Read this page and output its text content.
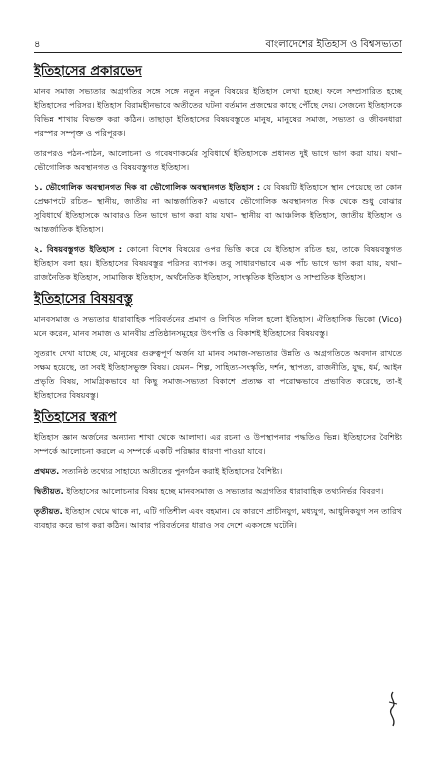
৪	বাংলাদেশের ইতিহাস ও বিশ্বসভ্যতা
ইতিহাসের প্রকারভেদ

মানব সমাজ সভ্যতার অগ্রগতির সঙ্গে সঙ্গে নতুন নতুন বিষয়ের ইতিহাস লেখা হচ্ছে। ফলে সম্প্রসারিত হচ্ছে ইতিহাসের পরিসর। ইতিহাস বিরামহীনভাবে অতীতের ঘটনা বর্তমান প্রজন্মের কাছে পৌঁছে দেয়। সেজন্যে ইতিহাসকে বিভিন্ন শাখায় বিভক্ত করা কঠিন। তাছাড়া ইতিহাসের বিষয়বস্তুতে মানুষ, মানুষের সমাজ, সভ্যতা ও জীবনধারা পরস্পর সম্পৃক্ত ও পরিপূরক।

তারপরও পঠন-পাঠন, আলোচনা ও গবেষণাকর্মের সুবিধার্থে ইতিহাসকে প্রধানত দুই ভাগে ভাগ করা যায়। যথা– ভৌগোলিক অবস্থানগত ও বিষয়বস্তুগত ইতিহাস।

১. ভৌগোলিক অবস্থানগত দিক বা ভৌগোলিক অবস্থানগত ইতিহাস : যে বিষয়টি ইতিহাসে স্থান পেয়েছে তা কোন প্রেক্ষাপটে রচিত– স্থানীয়, জাতীয় না আন্তর্জাতিক? এভাবে ভৌগোলিক অবস্থানগত দিক থেকে শুধু বোঝার সুবিধার্থে ইতিহাসকে আবারও তিন ভাগে ভাগ করা যায় যথা– স্থানীয় বা আঞ্চলিক ইতিহাস, জাতীয় ইতিহাস ও আন্তর্জাতিক ইতিহাস।

২. বিষয়বস্তুগত ইতিহাস : কোনো বিশেষ বিষয়ের ওপর ভিত্তি করে যে ইতিহাস রচিত হয়, তাকে বিষয়বস্তুগত ইতিহাস বলা হয়। ইতিহাসের বিষয়বস্তুর পরিসর ব্যাপক। তবু সাধারণভাবে এক পাঁচ ভাগে ভাগ করা যায়, যথা– রাজনৈতিক ইতিহাস, সামাজিক ইতিহাস, অর্থনৈতিক ইতিহাস, সাংস্কৃতিক ইতিহাস ও সাম্প্রতিক ইতিহাস।

ইতিহাসের বিষয়বস্তু

মানবসমাজ ও সভ্যতার ধারাবাহিক পরিবর্তনের প্রমাণ ও লিখিত দলিল হলো ইতিহাস। ঐতিহাসিক ভিকো (Vico) মনে করেন, মানব সমাজ ও মানবীয় প্রতিষ্ঠানসমূহের উৎপত্তি ও বিকাশই ইতিহাসের বিষয়বস্তু।

সুতরাং দেখা যাচ্ছে যে, মানুষের গুরুত্বপূর্ণ অর্জন যা মানব সমাজ-সভ্যতার উন্নতি ও অগ্রগতিতে অবদান রাখতে সক্ষম হয়েছে, তা সবই ইতিহাসভুক্ত বিষয়। যেমন– শিল্প, সাহিত্য-সংস্কৃতি, দর্শন, স্থাপত্য, রাজনীতি, যুদ্ধ, ধর্ম, আইন প্রভৃতি বিষয়, সামগ্রিকভাবে যা কিছু সমাজ-সভ্যতা বিকাশে প্রত্যক্ষ বা পরোক্ষভাবে প্রভাবিত করেছে, তা-ই ইতিহাসের বিষয়বস্তু।

ইতিহাসের স্বরূপ

ইতিহাস জ্ঞান অর্জনের অন্যান্য শাখা থেকে আলাদা। এর রচনা ও উপস্থাপনার পদ্ধতিও ভিন্ন। ইতিহাসের বৈশিষ্ট্য সম্পর্কে আলোচনা করলে এ সম্পর্কে একটি পরিষ্কার ধারণা পাওয়া যাবে।

প্রথমত. সত্যনিষ্ঠ তথ্যের সাহায্যে অতীতের পুনর্গঠন করাই ইতিহাসের বৈশিষ্ট্য।

দ্বিতীয়ত. ইতিহাসের আলোচনার বিষয় হচ্ছে মানবসমাজ ও সভ্যতার অগ্রগতির ধারাবাহিক তথ্যনির্ভর বিবরণ।

তৃতীয়ত. ইতিহাস থেমে থাকে না, এটি গতিশীল এবং বহমান। যে কারণে প্রাচীনযুগ, মধ্যযুগ, আধুনিকযুগ সন তারিখ ব্যবহার করে ভাগ করা কঠিন। আবার পরিবর্তনের ধারাও সব দেশে একসঙ্গে ঘটেনি।
